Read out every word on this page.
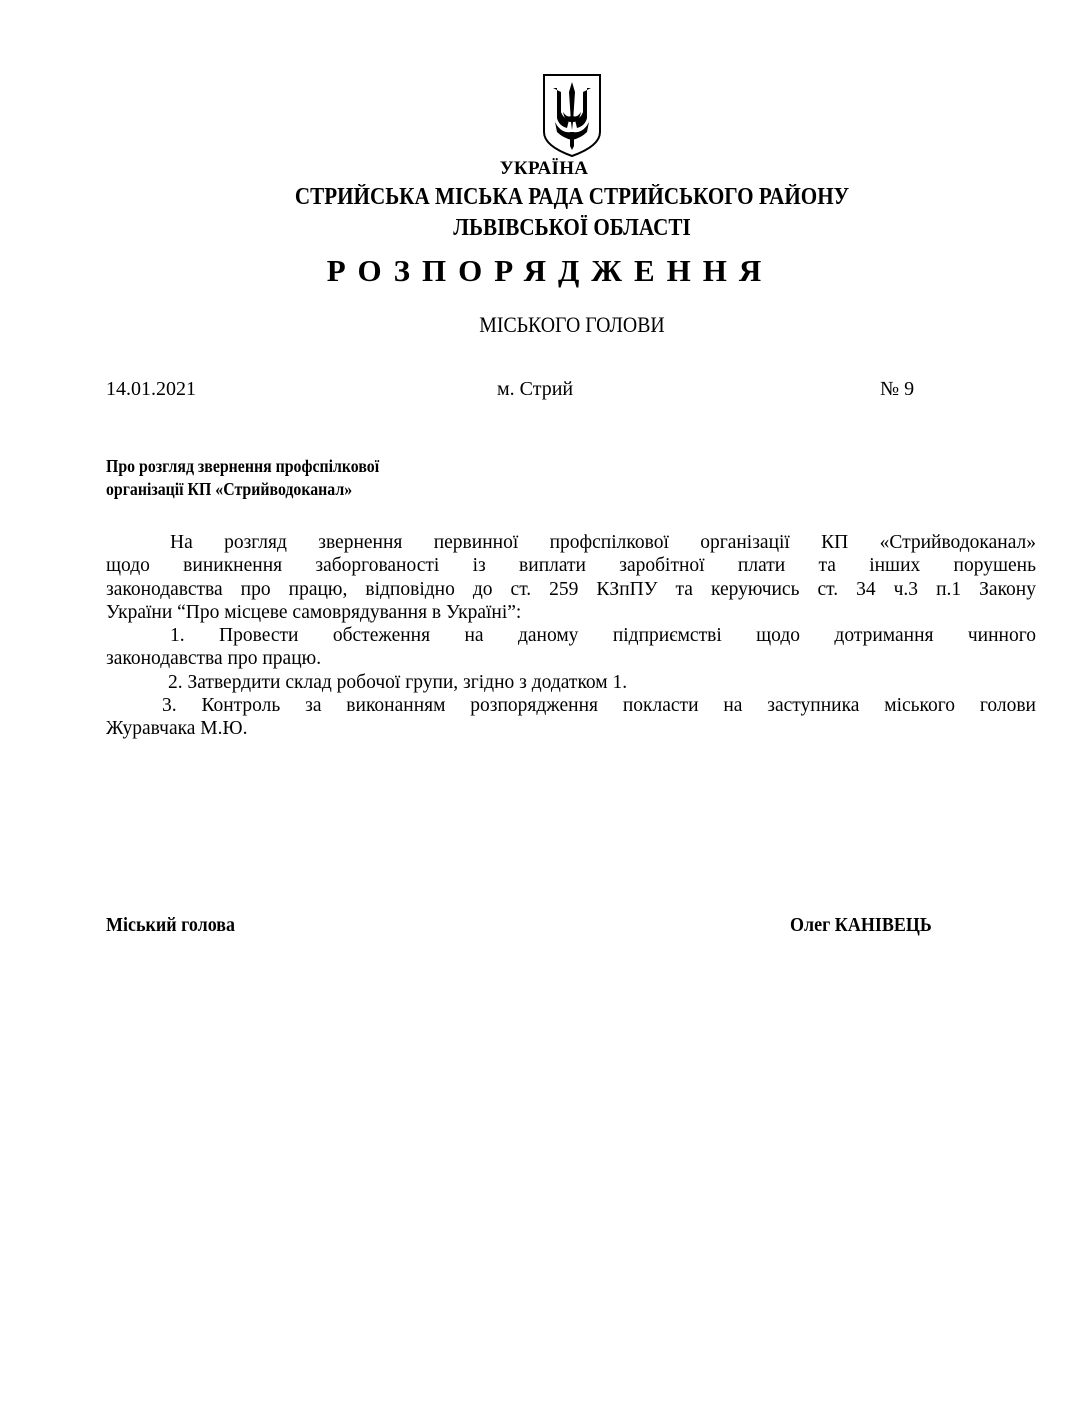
УКРАЇНА
СТРИЙСЬКА МІСЬКА РАДА СТРИЙСЬКОГО РАЙОНУ
ЛЬВІВСЬКОЇ ОБЛАСТІ
РОЗПОРЯДЖЕННЯ
МІСЬКОГО ГОЛОВИ
14.01.2021	м. Стрий	№ 9
Про розгляд звернення профспілкової
організації КП «Стрийводоканал»

На розгляд звернення первинної профспілкової організації КП «Стрийводоканал»

щодо виникнення заборгованості із виплати заробітної плати та інших порушень

законодавства про працю, відповідно до ст. 259 КЗпПУ та керуючись ст. 34 ч.3 п.1 Закону

України “Про місцеве самоврядування в Україні”:

1. Провести обстеження на даному підприємстві щодо дотримання чинного

законодавства про працю.

2. Затвердити склад робочої групи, згідно з додатком 1.

3. Контроль за виконанням розпорядження покласти на заступника міського голови

Журавчака М.Ю.

Міський голова	Олег КАНІВЕЦЬ
